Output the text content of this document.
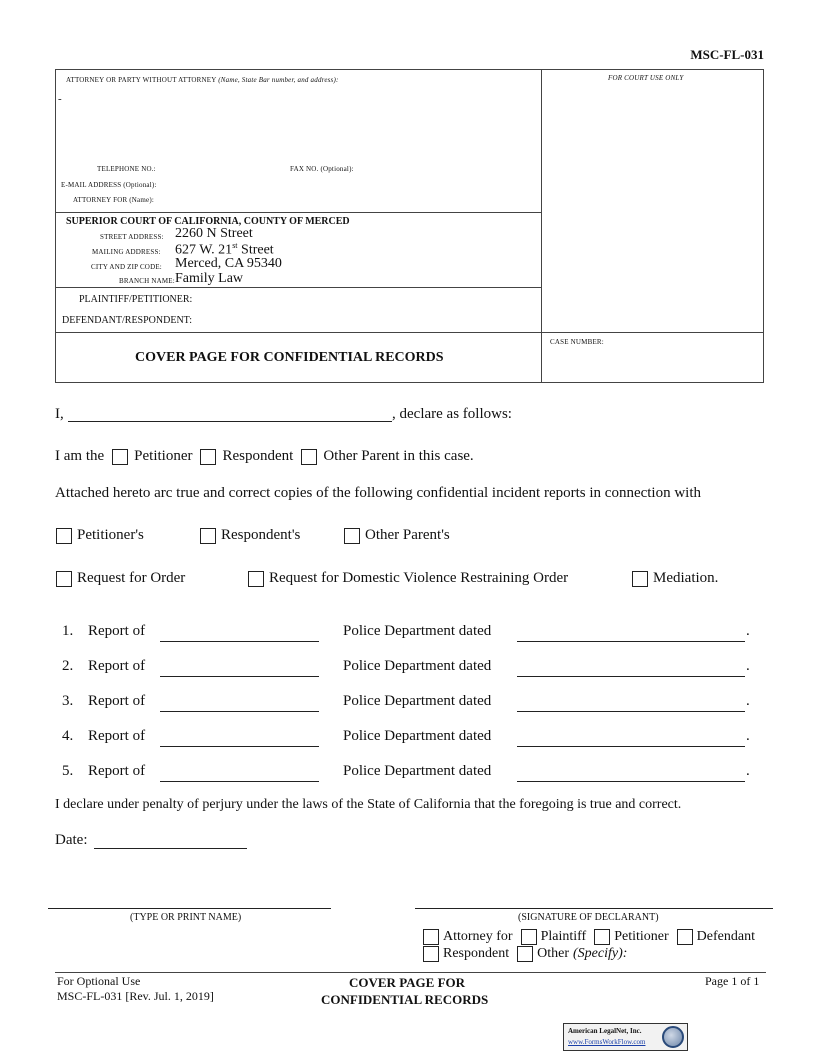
MSC-FL-031
ATTORNEY OR PARTY WITHOUT ATTORNEY (Name, State Bar number, and address):
-
FOR COURT USE ONLY
TELEPHONE NO.:	FAX NO. (Optional):
E-MAIL ADDRESS (Optional):
ATTORNEY FOR (Name):
SUPERIOR COURT OF CALIFORNIA, COUNTY OF MERCED
STREET ADDRESS: 2260 N Street
MAILING ADDRESS: 627 W. 21st Street
CITY AND ZIP CODE: Merced, CA 95340
BRANCH NAME: Family Law
PLAINTIFF/PETITIONER:
DEFENDANT/RESPONDENT:
COVER PAGE FOR CONFIDENTIAL RECORDS
CASE NUMBER:
I,	, declare as follows:
I am the Petitioner Respondent Other Parent in this case.
Attached hereto arc true and correct copies of the following confidential incident reports in connection with
Petitioner's	Respondent's	Other Parent's
Request for Order	Request for Domestic Violence Restraining Order	Mediation.
1. Report of	Police Department dated	.
2. Report of	Police Department dated	.
3. Report of	Police Department dated	.
4. Report of	Police Department dated	.
5. Report of	Police Department dated	.
I declare under penalty of perjury under the laws of the State of California that the foregoing is true and correct.
Date:
(TYPE OR PRINT NAME)	(SIGNATURE OF DECLARANT)
Attorney for Plaintiff Petitioner Defendant
Respondent Other (Specify):
For Optional Use
MSC-FL-031 [Rev. Jul. 1, 2019]
COVER PAGE FOR
CONFIDENTIAL RECORDS
Page 1 of 1
American LegalNet, Inc.
www.FormsWorkFlow.com
